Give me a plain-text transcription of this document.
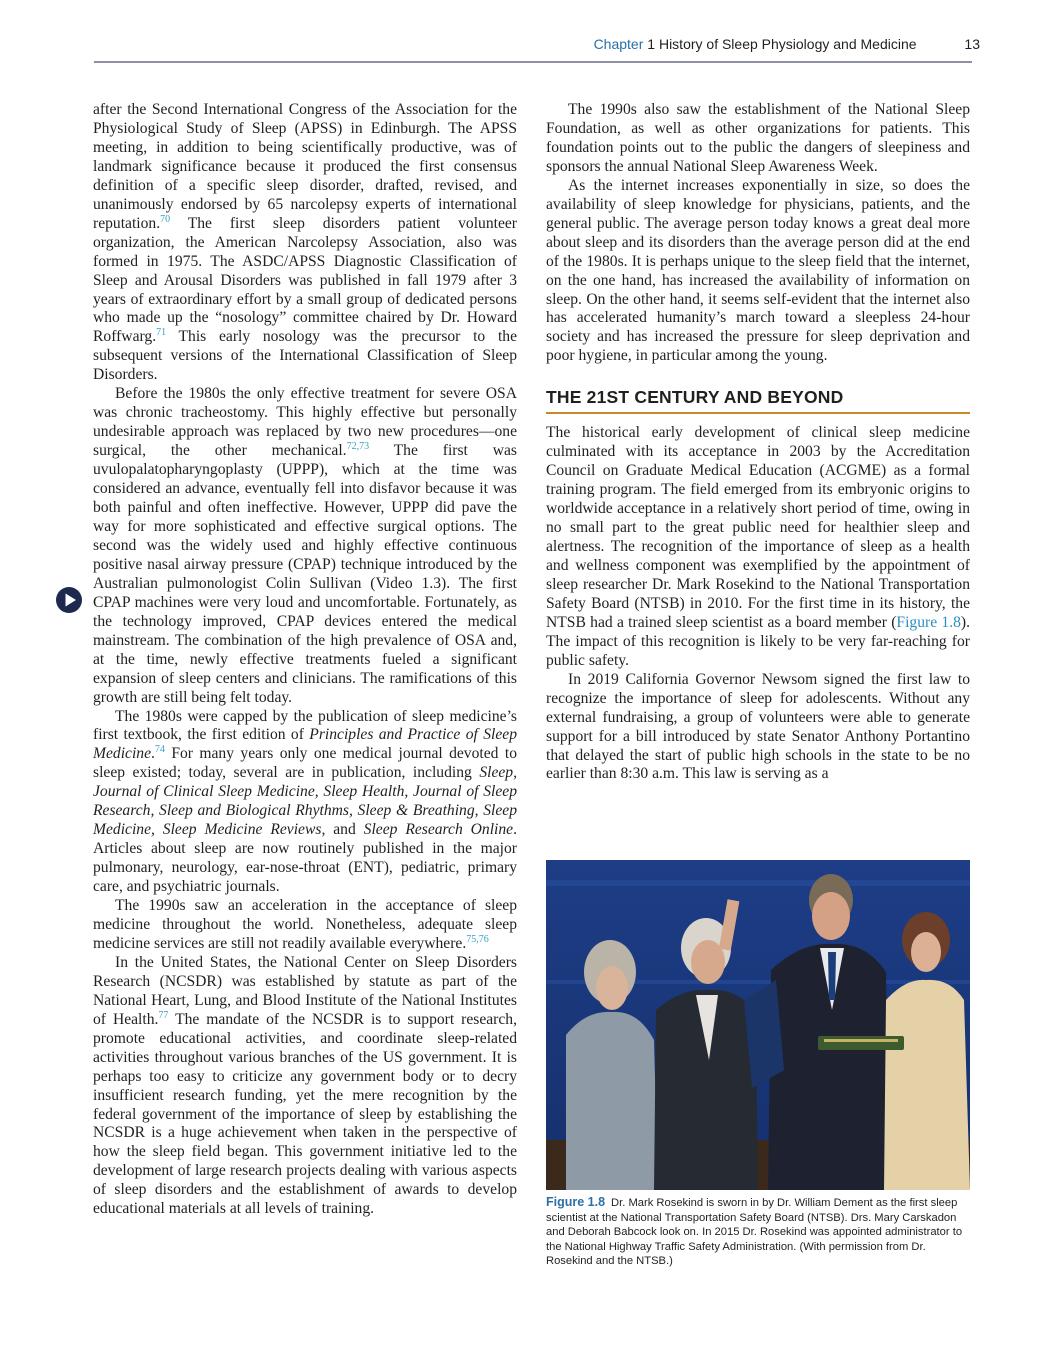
Chapter 1 History of Sleep Physiology and Medicine	13

after the Second International Congress of the Association for the Physiological Study of Sleep (APSS) in Edinburgh. The APSS meeting, in addition to being scientifically productive, was of landmark significance because it produced the first consensus definition of a specific sleep disorder, drafted, revised, and unanimously endorsed by 65 narcolepsy experts of international reputation.$^{70}$ The first sleep disorders patient volunteer organization, the American Narcolepsy Association, also was formed in 1975. The ASDC/APSS Diagnostic Classification of Sleep and Arousal Disorders was published in fall 1979 after 3 years of extraordinary effort by a small group of dedicated persons who made up the “nosology” committee chaired by Dr. Howard Roffwarg.$^{71}$ This early nosology was the precursor to the subsequent versions of the International Classification of Sleep Disorders.

Before the 1980s the only effective treatment for severe OSA was chronic tracheostomy. This highly effective but personally undesirable approach was replaced by two new procedures—one surgical, the other mechanical.$^{72,73}$ The first was uvulopalatopharyngoplasty (UPPP), which at the time was considered an advance, eventually fell into disfavor because it was both painful and often ineffective. However, UPPP did pave the way for more sophisticated and effective surgical options. The second was the widely used and highly effective continuous positive nasal airway pressure (CPAP) technique introduced by the Australian pulmonologist Colin Sullivan (Video 1.3). The first CPAP machines were very loud and uncomfortable. Fortunately, as the technology improved, CPAP devices entered the medical mainstream. The combination of the high prevalence of OSA and, at the time, newly effective treatments fueled a significant expansion of sleep centers and clinicians. The ramifications of this growth are still being felt today.

The 1980s were capped by the publication of sleep medicine’s first textbook, the first edition of Principles and Practice of Sleep Medicine.$^{74}$ For many years only one medical journal devoted to sleep existed; today, several are in publication, including Sleep, Journal of Clinical Sleep Medicine, Sleep Health, Journal of Sleep Research, Sleep and Biological Rhythms, Sleep & Breathing, Sleep Medicine, Sleep Medicine Reviews, and Sleep Research Online. Articles about sleep are now routinely published in the major pulmonary, neurology, ear-nose-throat (ENT), pediatric, primary care, and psychiatric journals.

The 1990s saw an acceleration in the acceptance of sleep medicine throughout the world. Nonetheless, adequate sleep medicine services are still not readily available everywhere.$^{75,76}$

In the United States, the National Center on Sleep Disorders Research (NCSDR) was established by statute as part of the National Heart, Lung, and Blood Institute of the National Institutes of Health.$^{77}$ The mandate of the NCSDR is to support research, promote educational activities, and coordinate sleep-related activities throughout various branches of the US government. It is perhaps too easy to criticize any government body or to decry insufficient research funding, yet the mere recognition by the federal government of the importance of sleep by establishing the NCSDR is a huge achievement when taken in the perspective of how the sleep field began. This government initiative led to the development of large research projects dealing with various aspects of sleep disorders and the establishment of awards to develop educational materials at all levels of training.

The 1990s also saw the establishment of the National Sleep Foundation, as well as other organizations for patients. This foundation points out to the public the dangers of sleepiness and sponsors the annual National Sleep Awareness Week.

As the internet increases exponentially in size, so does the availability of sleep knowledge for physicians, patients, and the general public. The average person today knows a great deal more about sleep and its disorders than the average person did at the end of the 1980s. It is perhaps unique to the sleep field that the internet, on the one hand, has increased the availability of information on sleep. On the other hand, it seems self-evident that the internet also has accelerated humanity’s march toward a sleepless 24-hour society and has increased the pressure for sleep deprivation and poor hygiene, in particular among the young.

THE 21ST CENTURY AND BEYOND

The historical early development of clinical sleep medicine culminated with its acceptance in 2003 by the Accreditation Council on Graduate Medical Education (ACGME) as a formal training program. The field emerged from its embryonic origins to worldwide acceptance in a relatively short period of time, owing in no small part to the great public need for healthier sleep and alertness. The recognition of the importance of sleep as a health and wellness component was exemplified by the appointment of sleep researcher Dr. Mark Rosekind to the National Transportation Safety Board (NTSB) in 2010. For the first time in its history, the NTSB had a trained sleep scientist as a board member (Figure 1.8). The impact of this recognition is likely to be very far-reaching for public safety.

In 2019 California Governor Newsom signed the first law to recognize the importance of sleep for adolescents. Without any external fundraising, a group of volunteers were able to generate support for a bill introduced by state Senator Anthony Portantino that delayed the start of public high schools in the state to be no earlier than 8:30 a.m. This law is serving as a

Figure 1.8 Dr. Mark Rosekind is sworn in by Dr. William Dement as the first sleep scientist at the National Transportation Safety Board (NTSB). Drs. Mary Carskadon and Deborah Babcock look on. In 2015 Dr. Rosekind was appointed administrator to the National Highway Traffic Safety Administration. (With permission from Dr. Rosekind and the NTSB.)
